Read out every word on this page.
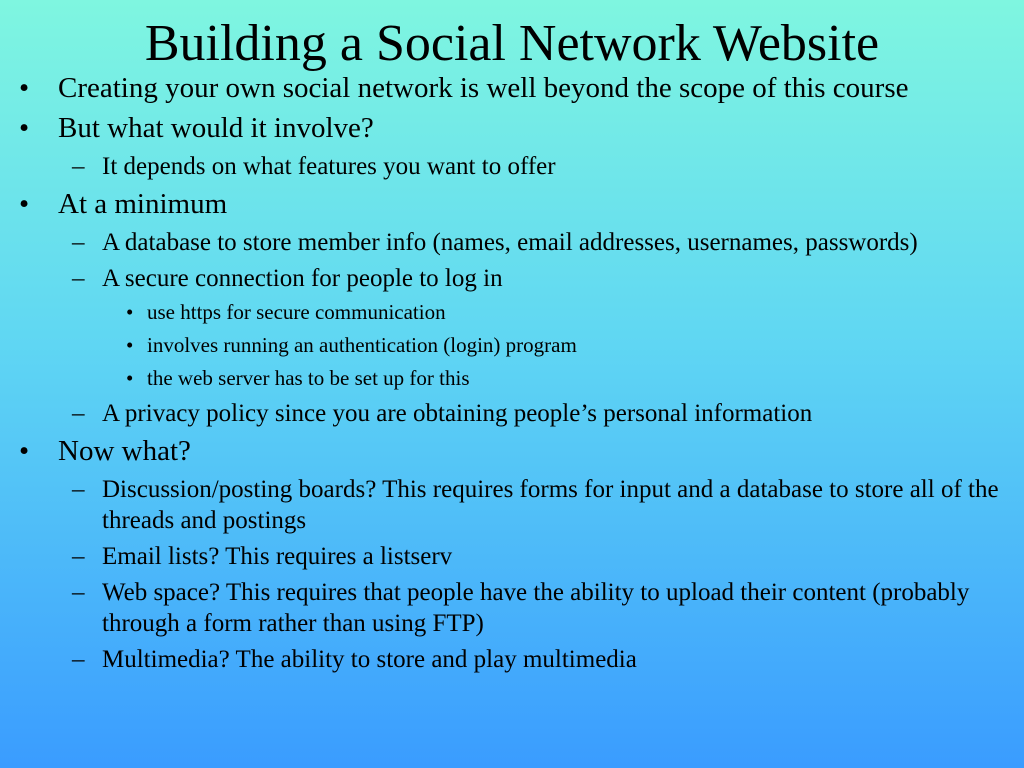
Building a Social Network Website
• Creating your own social network is well beyond the scope of this course
• But what would it involve?
– It depends on what features you want to offer
• At a minimum
– A database to store member info (names, email addresses, usernames, passwords)
– A secure connection for people to log in
• use https for secure communication
• involves running an authentication (login) program
• the web server has to be set up for this
– A privacy policy since you are obtaining people’s personal information
• Now what?
– Discussion/posting boards? This requires forms for input and a database to store all of the threads and postings
– Email lists? This requires a listserv
– Web space? This requires that people have the ability to upload their content (probably through a form rather than using FTP)
– Multimedia? The ability to store and play multimedia
